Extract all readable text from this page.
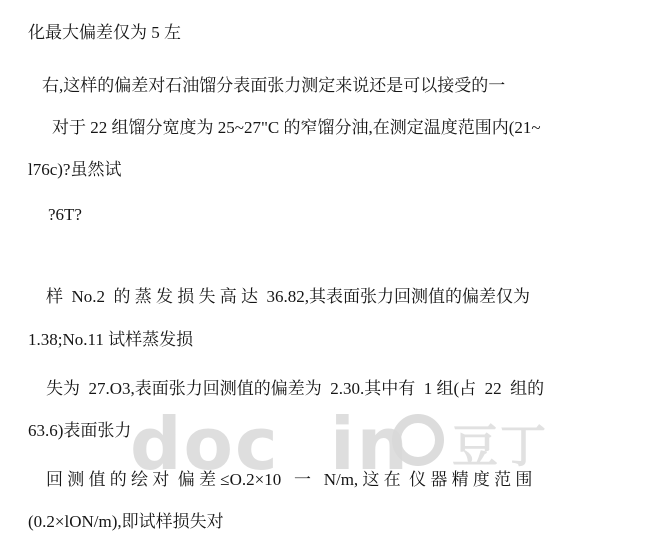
doc in 豆丁
化最大偏差仅为 5 左
右,这样的偏差对石油馏分表面张力测定来说还是可以接受的一
对于 22 组馏分宽度为 25~27"C 的窄馏分油,在测定温度范围内(21~
l76c)?虽然试
?6T?
样  No.2  的 蒸 发 损 失 高 达  36.82,其表面张力回测值的偏差仅为
1.38;No.11 试样蒸发损
失为  27.O3,表面张力回测值的偏差为  2.30.其中有  1 组(占  22  组的
63.6)表面张力
回 测 值 的 绘 对  偏 差 ≤O.2×10   一   N/m, 这 在  仪 器 精 度 范 围
(0.2×lON/m),即试样损失对
